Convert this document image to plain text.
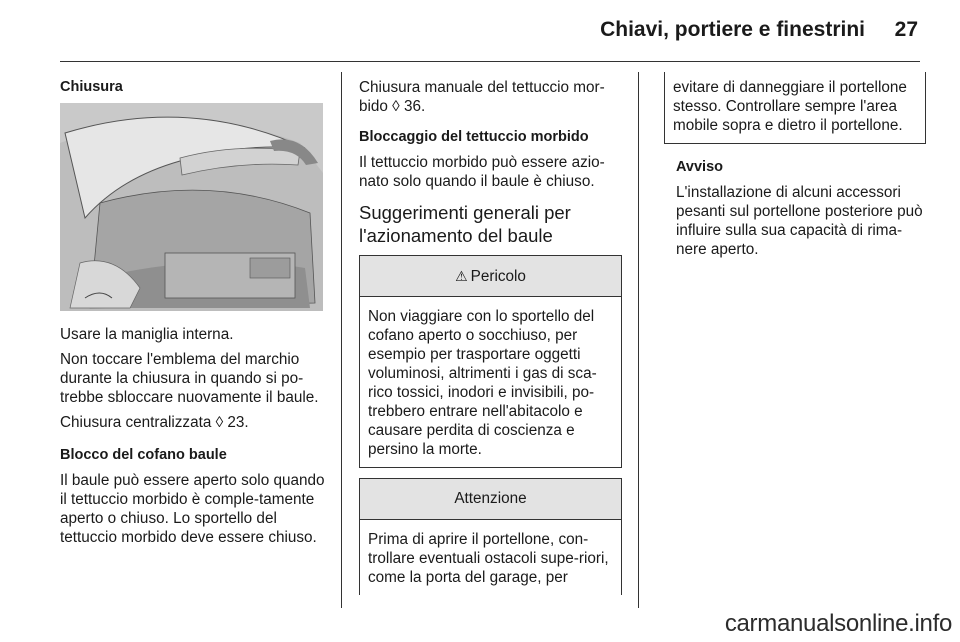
Chiavi, portiere e finestrini 27

Chiusura

Usare la maniglia interna.

Non toccare l'emblema del marchio durante la chiusura in quando si po-trebbe sbloccare nuovamente il baule.

Chiusura centralizzata ◊ 23.

Blocco del cofano baule

Il baule può essere aperto solo quando il tettuccio morbido è comple-tamente aperto o chiuso. Lo sportello del tettuccio morbido deve essere chiuso.

Chiusura manuale del tettuccio mor-bido ◊ 36.

Bloccaggio del tettuccio morbido

Il tettuccio morbido può essere azio-nato solo quando il baule è chiuso.

Suggerimenti generali per l'azionamento del baule
⚠ Pericolo
Non viaggiare con lo sportello del cofano aperto o socchiuso, per esempio per trasportare oggetti voluminosi, altrimenti i gas di sca-rico tossici, inodori e invisibili, po-trebbero entrare nell'abitacolo e causare perdita di coscienza e persino la morte.
Attenzione
Prima di aprire il portellone, con-trollare eventuali ostacoli supe-riori, come la porta del garage, per
evitare di danneggiare il portellone stesso. Controllare sempre l'area mobile sopra e dietro il portellone.

Avviso

L'installazione di alcuni accessori pesanti sul portellone posteriore può influire sulla sua capacità di rima-nere aperto.

carmanualsonline.info
